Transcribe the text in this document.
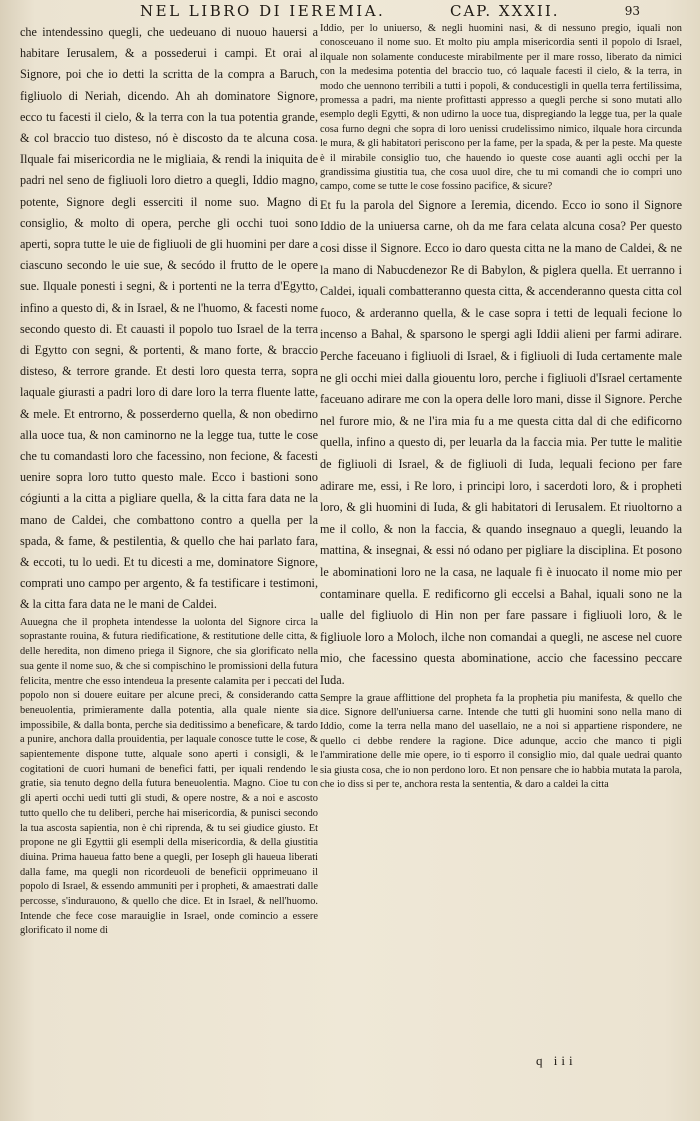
NEL LIBRO DI IEREMIA.	CAP. XXXII.	93

che intendessino quegli, che uedeuano di nuouo hauersi a habitare Ierusalem, & a possederui i campi. Et orai al Signore, poi che io detti la scritta de la compra a Baruch, figliuolo di Neriah, dicendo. Ah ah dominatore Signore, ecco tu facesti il cielo, & la terra con la tua potentia grande, & col braccio tuo disteso, nó è discosto da te alcuna cosa. Ilquale fai misericordia ne le migliaia, & rendi la iniquita de padri nel seno de figliuoli loro dietro a quegli, Iddio magno, potente, Signore degli esserciti il nome suo. Magno di consiglio, & molto di opera, perche gli occhi tuoi sono aperti, sopra tutte le uie de figliuoli de gli huomini per dare a ciascuno secondo le uie sue, & secódo il frutto de le opere sue. Ilquale ponesti i segni, & i portenti ne la terra d'Egytto, infino a questo di, & in Israel, & ne l'huomo, & facesti nome secondo questo di. Et cauasti il popolo tuo Israel de la terra di Egytto con segni, & portenti, & mano forte, & braccio disteso, & terrore grande. Et desti loro questa terra, sopra laquale giurasti a padri loro di dare loro la terra fluente latte, & mele. Et entrorno, & posserderno quella, & non obedirno alla uoce tua, & non caminorno ne la legge tua, tutte le cose che tu comandasti loro che facessino, non fecione, & facesti uenire sopra loro tutto questo male. Ecco i bastioni sono cógiunti a la citta a pigliare quella, & la citta fara data ne la mano de Caldei, che combattono contro a quella per la spada, & fame, & pestilentia, & quello che hai parlato fara, & eccoti, tu lo uedi. Et tu dicesti a me, dominatore Signore, comprati uno campo per argento, & fa testificare i testimoni, & la citta fara data ne le mani de Caldei.

Auuegna che il propheta intendesse la uolonta del Signore circa la soprastante rouina, & futura riedificatione, & restitutione delle citta, & delle heredita, non dimeno priega il Signore, che sia glorificato nella sua gente il nome suo, & che si compischino le promissioni della futura felicita, mentre che esso intendeua la presente calamita per i peccati del popolo non si douere euitare per alcune preci, & considerando catta beneuolentia, primieramente dalla potentia, alla quale niente sia impossibile, & dalla bonta, perche sia deditissimo a beneficare, & tardo a punire, anchora dalla prouidentia, per laquale conosce tutte le cose, & sapientemente dispone tutte, alquale sono aperti i consigli, & le cogitationi de cuori humani de benefici fatti, per iquali rendendo le gratie, sia tenuto degno della futura beneuolentia. Magno. Cioe tu con gli aperti occhi uedi tutti gli studi, & opere nostre, & a noi e ascosto tutto quello che tu deliberi, perche hai misericordia, & punisci secondo la tua ascosta sapientia, non è chi riprenda, & tu sei giudice giusto. Et propone ne gli Egyttii gli esempli della misericordia, & della giustitia diuina. Prima haueua fatto bene a quegli, per Ioseph gli haueua liberati dalla fame, ma quegli non ricordeuoli de beneficii opprimeuano il popolo di Israel, & essendo ammuniti per i propheti, & amaestrati dalle percosse, s'indurauono, & quello che dice. Et in Israel, & nell'huomo. Intende che fece cose marauiglie in Israel, onde comincio a essere glorificato il nome di

Iddio, per lo uniuerso, & negli huomini nasi, & di nessuno pregio, iquali non conosceuano il nome suo. Et molto piu ampla misericordia senti il popolo di Israel, ilquale non solamente conduceste mirabilmente per il mare rosso, liberato da nimici con la medesima potentia del braccio tuo, có laquale facesti il cielo, & la terra, in modo che uennono terribili a tutti i popoli, & conducestigli in quella terra fertilissima, promessa a padri, ma niente profittasti appresso a quegli perche si sono mutati allo esemplo degli Egytti, & non udirno la uoce tua, dispregiando la legge tua, per la quale cosa furno degni che sopra di loro uenissi crudelissimo nimico, ilquale hora circunda le mura, & gli habitatori periscono per la fame, per la spada, & per la peste. Ma queste è il mirabile consiglio tuo, che hauendo io queste cose auanti agli occhi per la grandissima giustitia tua, che cosa uuol dire, che tu mi comandi che io compri uno campo, come se tutte le cose fossino pacifice, & sicure?

Et fu la parola del Signore a Ieremia, dicendo. Ecco io sono il Signore Iddio de la uniuersa carne, oh da me fara celata alcuna cosa? Per questo cosi disse il Signore. Ecco io daro questa citta ne la mano de Caldei, & ne la mano di Nabucdenezor Re di Babylon, & piglera quella. Et uerranno i Caldei, iquali combatteranno questa citta, & accenderanno questa citta col fuoco, & arderanno quella, & le case sopra i tetti de lequali fecione lo incenso a Bahal, & sparsono le spergi agli Iddii alieni per farmi adirare. Perche faceuano i figliuoli di Israel, & i figliuoli di Iuda certamente male ne gli occhi miei dalla giouentu loro, perche i figliuoli d'Israel certamente faceuano adirare me con la opera delle loro mani, disse il Signore. Perche nel furore mio, & ne l'ira mia fu a me questa citta dal di che edificorno quella, infino a questo di, per leuarla da la faccia mia. Per tutte le malitie de figliuoli di Israel, & de figliuoli di Iuda, lequali feciono per fare adirare me, essi, i Re loro, i principi loro, i sacerdoti loro, & i propheti loro, & gli huomini di Iuda, & gli habitatori di Ierusalem. Et riuoltorno a me il collo, & non la faccia, & quando insegnauo a quegli, leuando la mattina, & insegnai, & essi nó odano per pigliare la disciplina. Et posono le abominationi loro ne la casa, ne laquale fi è inuocato il nome mio per contaminare quella. E redificorno gli eccelsi a Bahal, iquali sono ne la ualle del figliuolo di Hin non per fare passare i figliuoli loro, & le figliuole loro a Moloch, ilche non comandai a quegli, ne ascese nel cuore mio, che facessino questa abominatione, accio che facessino peccare Iuda.

Sempre la graue afflittione del propheta fa la prophetia piu manifesta, & quello che dice. Signore dell'uniuersa carne. Intende che tutti gli huomini sono nella mano di Iddio, come la terra nella mano del uasellaio, ne a noi si appartiene rispondere, ne quello ci debbe rendere la ragione. Dice adunque, accio che manco ti pigli l'ammiratione delle mie opere, io ti esporro il consiglio mio, dal quale uedrai quanto sia giusta cosa, che io non perdono loro. Et non pensare che io habbia mutata la parola, che io diss si per te, anchora resta la sententia, & daro a caldei la citta

q iii
